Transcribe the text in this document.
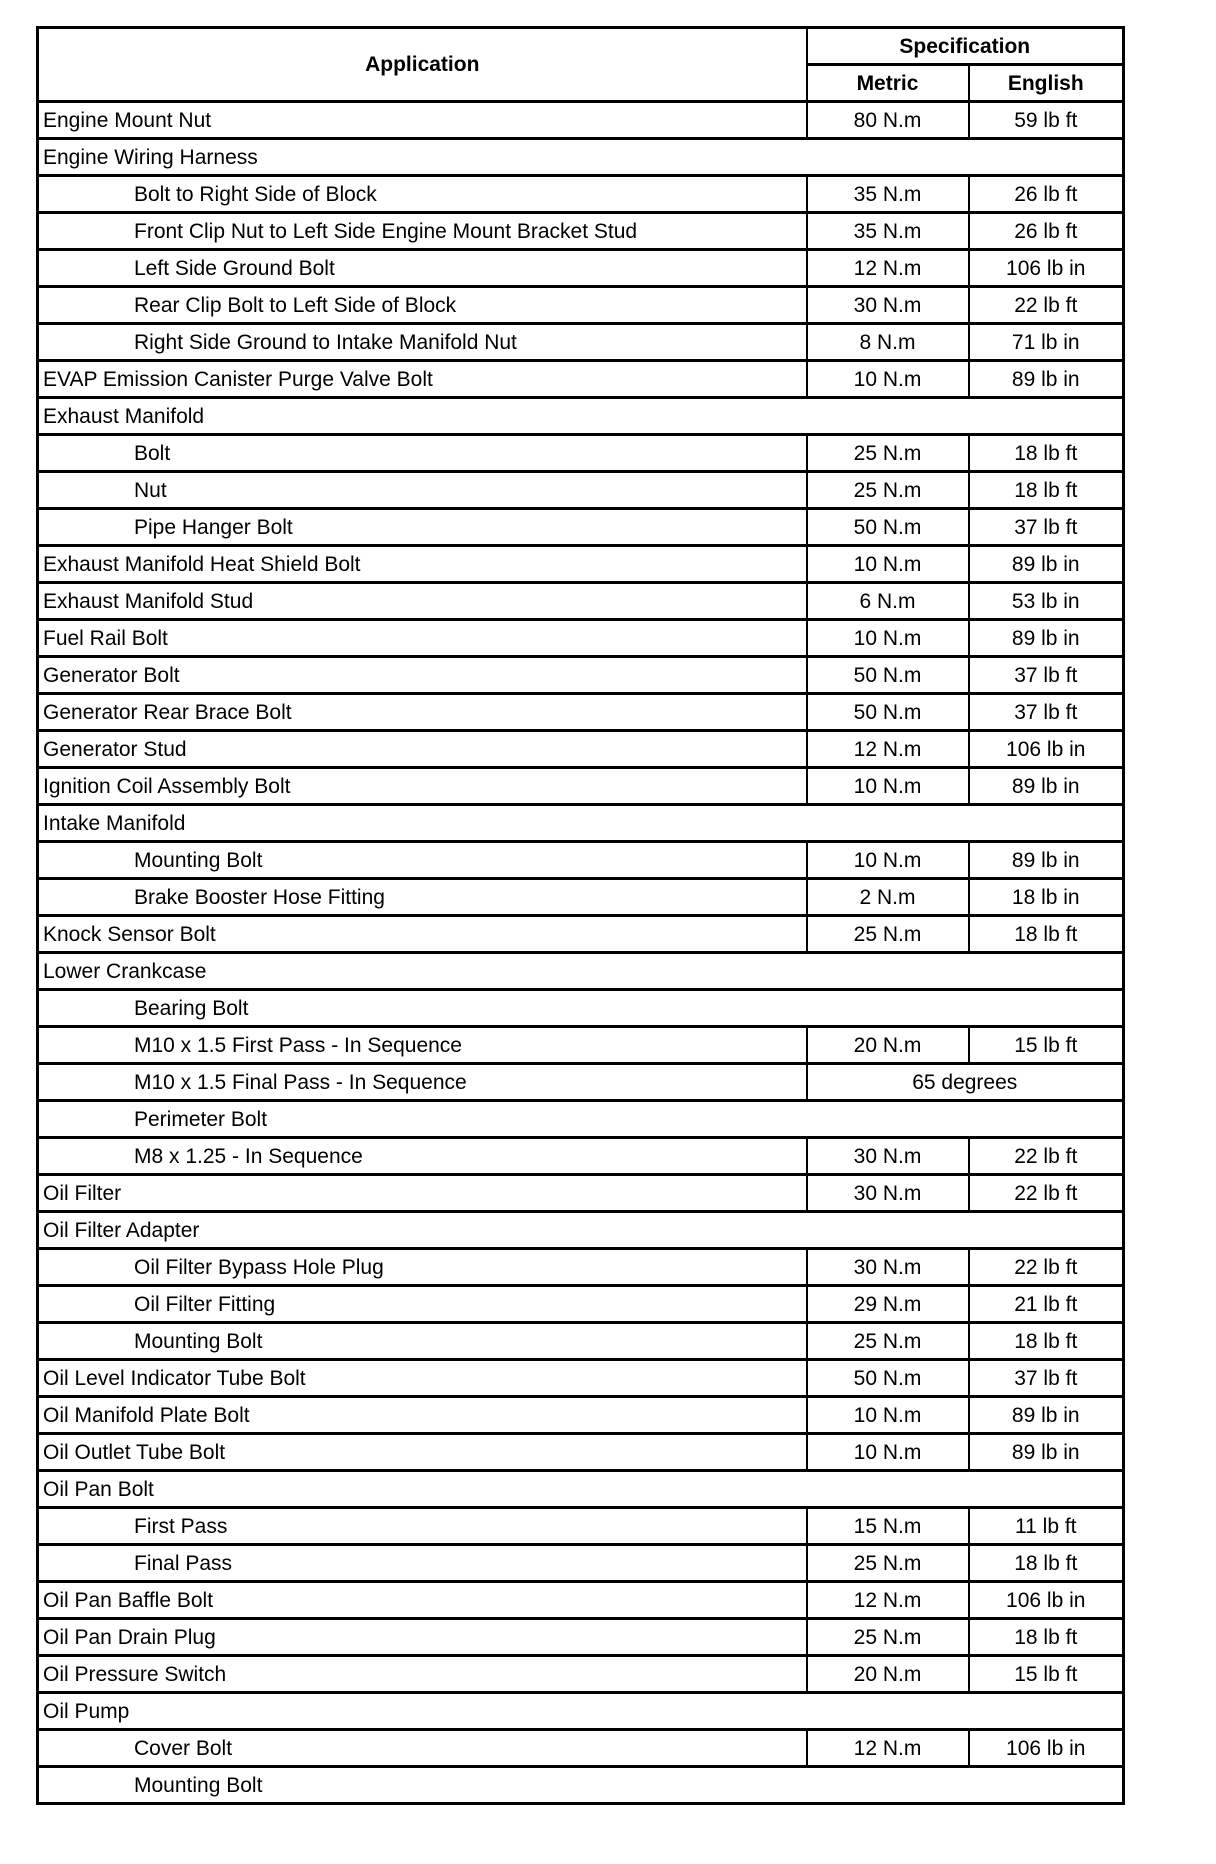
Application	Specification	
	Metric	English
Engine Mount Nut	80 N.m	59 lb ft
Engine Wiring Harness		
Bolt to Right Side of Block	35 N.m	26 lb ft
Front Clip Nut to Left Side Engine Mount Bracket Stud	35 N.m	26 lb ft
Left Side Ground Bolt	12 N.m	106 lb in
Rear Clip Bolt to Left Side of Block	30 N.m	22 lb ft
Right Side Ground to Intake Manifold Nut	8 N.m	71 lb in
EVAP Emission Canister Purge Valve Bolt	10 N.m	89 lb in
Exhaust Manifold		
Bolt	25 N.m	18 lb ft
Nut	25 N.m	18 lb ft
Pipe Hanger Bolt	50 N.m	37 lb ft
Exhaust Manifold Heat Shield Bolt	10 N.m	89 lb in
Exhaust Manifold Stud	6 N.m	53 lb in
Fuel Rail Bolt	10 N.m	89 lb in
Generator Bolt	50 N.m	37 lb ft
Generator Rear Brace Bolt	50 N.m	37 lb ft
Generator Stud	12 N.m	106 lb in
Ignition Coil Assembly Bolt	10 N.m	89 lb in
Intake Manifold		
Mounting Bolt	10 N.m	89 lb in
Brake Booster Hose Fitting	2 N.m	18 lb in
Knock Sensor Bolt	25 N.m	18 lb ft
Lower Crankcase		
Bearing Bolt		
M10 x 1.5 First Pass - In Sequence	20 N.m	15 lb ft
M10 x 1.5 Final Pass - In Sequence	65 degrees	
Perimeter Bolt		
M8 x 1.25 - In Sequence	30 N.m	22 lb ft
Oil Filter	30 N.m	22 lb ft
Oil Filter Adapter		
Oil Filter Bypass Hole Plug	30 N.m	22 lb ft
Oil Filter Fitting	29 N.m	21 lb ft
Mounting Bolt	25 N.m	18 lb ft
Oil Level Indicator Tube Bolt	50 N.m	37 lb ft
Oil Manifold Plate Bolt	10 N.m	89 lb in
Oil Outlet Tube Bolt	10 N.m	89 lb in
Oil Pan Bolt		
First Pass	15 N.m	11 lb ft
Final Pass	25 N.m	18 lb ft
Oil Pan Baffle Bolt	12 N.m	106 lb in
Oil Pan Drain Plug	25 N.m	18 lb ft
Oil Pressure Switch	20 N.m	15 lb ft
Oil Pump		
Cover Bolt	12 N.m	106 lb in
Mounting Bolt		
